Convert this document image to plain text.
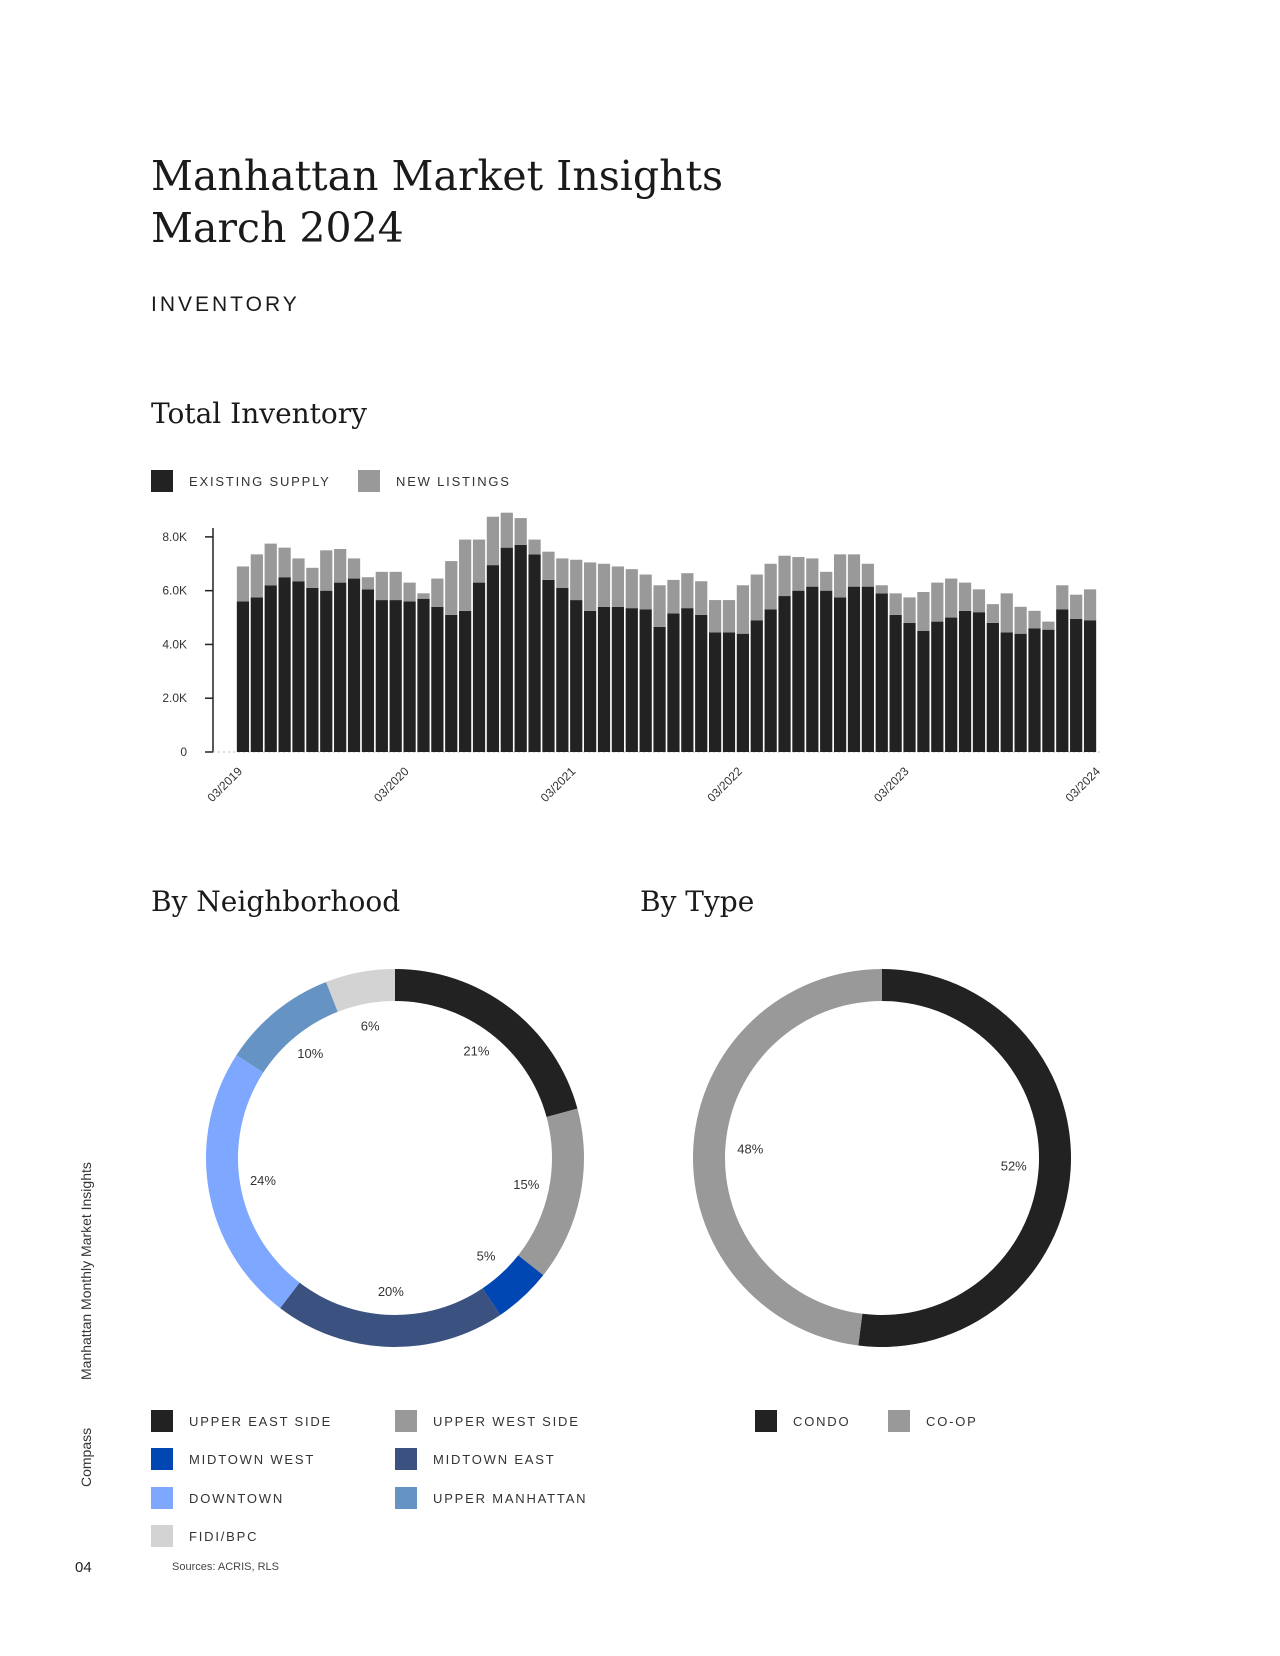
Manhattan Market Insights
March 2024
INVENTORY
Total Inventory
EXISTING SUPPLY	NEW LISTINGS
0
2.0K
4.0K
6.0K
8.0K
03/2019	03/2020	03/2021	03/2022	03/2023	03/2024
By Neighborhood	By Type
21%
15%
5%
20%
24%
10%
6%
52%
48%
UPPER EAST SIDE	UPPER WEST SIDE
MIDTOWN WEST	MIDTOWN EAST
DOWNTOWN	UPPER MANHATTAN
FIDI/BPC
CONDO	CO-OP
Compass
Manhattan Monthly Market Insights
04	Sources: ACRIS, RLS
